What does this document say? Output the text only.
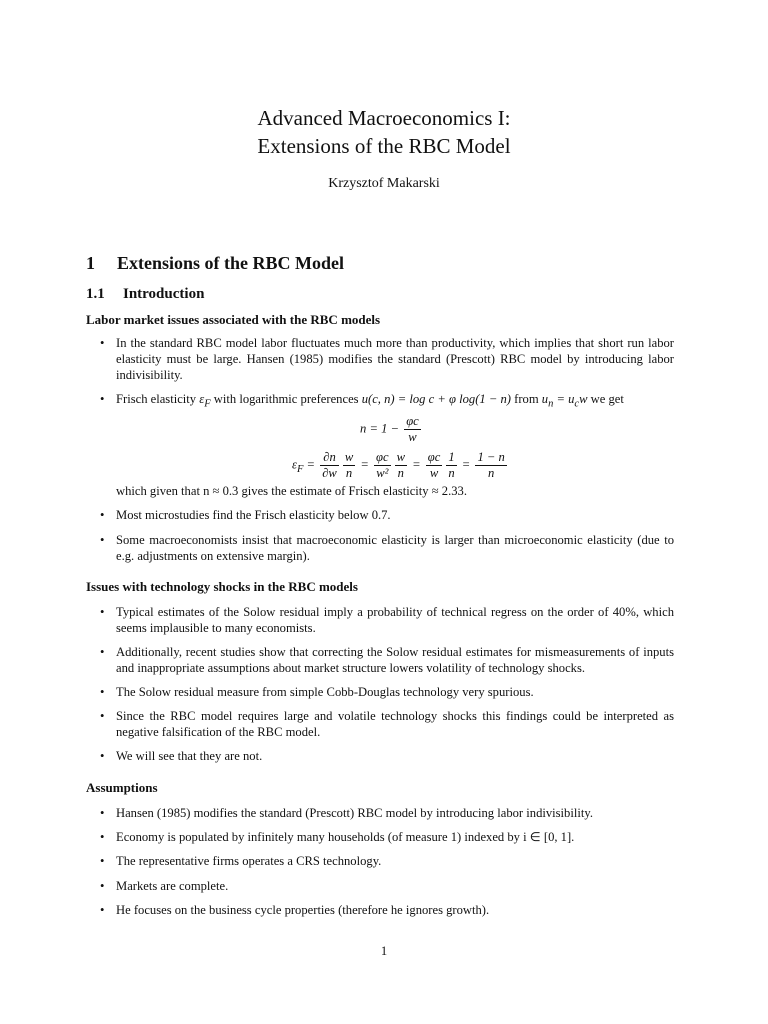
Advanced Macroeconomics I:
Extensions of the RBC Model
Krzysztof Makarski
1 Extensions of the RBC Model
1.1 Introduction
Labor market issues associated with the RBC models
• In the standard RBC model labor fluctuates much more than productivity, which implies that short run labor elasticity must be large. Hansen (1985) modifies the standard (Prescott) RBC model by introducing labor indivisibility.
• Frisch elasticity $\varepsilon_F$ with logarithmic preferences u(c, n) = log c + φ log(1 − n) from $u_n = u_cw$ we get
$n = 1 - \frac{\varphi c}{w}$
$\varepsilon_F = \frac{\partial n}{\partial w} \frac{w}{n} = \frac{\varphi c}{\text{w²}} \frac{w}{n} = \frac{\varphi c}{w} \frac{1}{n} = \frac{1 - n}{n}$
which given that n ≈ 0.3 gives the estimate of Frisch elasticity ≈ 2.33.
• Most microstudies find the Frisch elasticity below 0.7.
• Some macroeconomists insist that macroeconomic elasticity is larger than microeconomic elasticity (due to e.g. adjustments on extensive margin).
Issues with technology shocks in the RBC models
• Typical estimates of the Solow residual imply a probability of technical regress on the order of 40%, which seems implausible to many economists.
• Additionally, recent studies show that correcting the Solow residual estimates for mismeasurements of inputs and inappropriate assumptions about market structure lowers volatility of technology shocks.
• The Solow residual measure from simple Cobb-Douglas technology very spurious.
• Since the RBC model requires large and volatile technology shocks this findings could be interpreted as negative falsification of the RBC model.
• We will see that they are not.
Assumptions
• Hansen (1985) modifies the standard (Prescott) RBC model by introducing labor indivisibility.
• Economy is populated by infinitely many households (of measure 1) indexed by i ∈ [0, 1].
• The representative firms operates a CRS technology.
• Markets are complete.
• He focuses on the business cycle properties (therefore he ignores growth).
1
